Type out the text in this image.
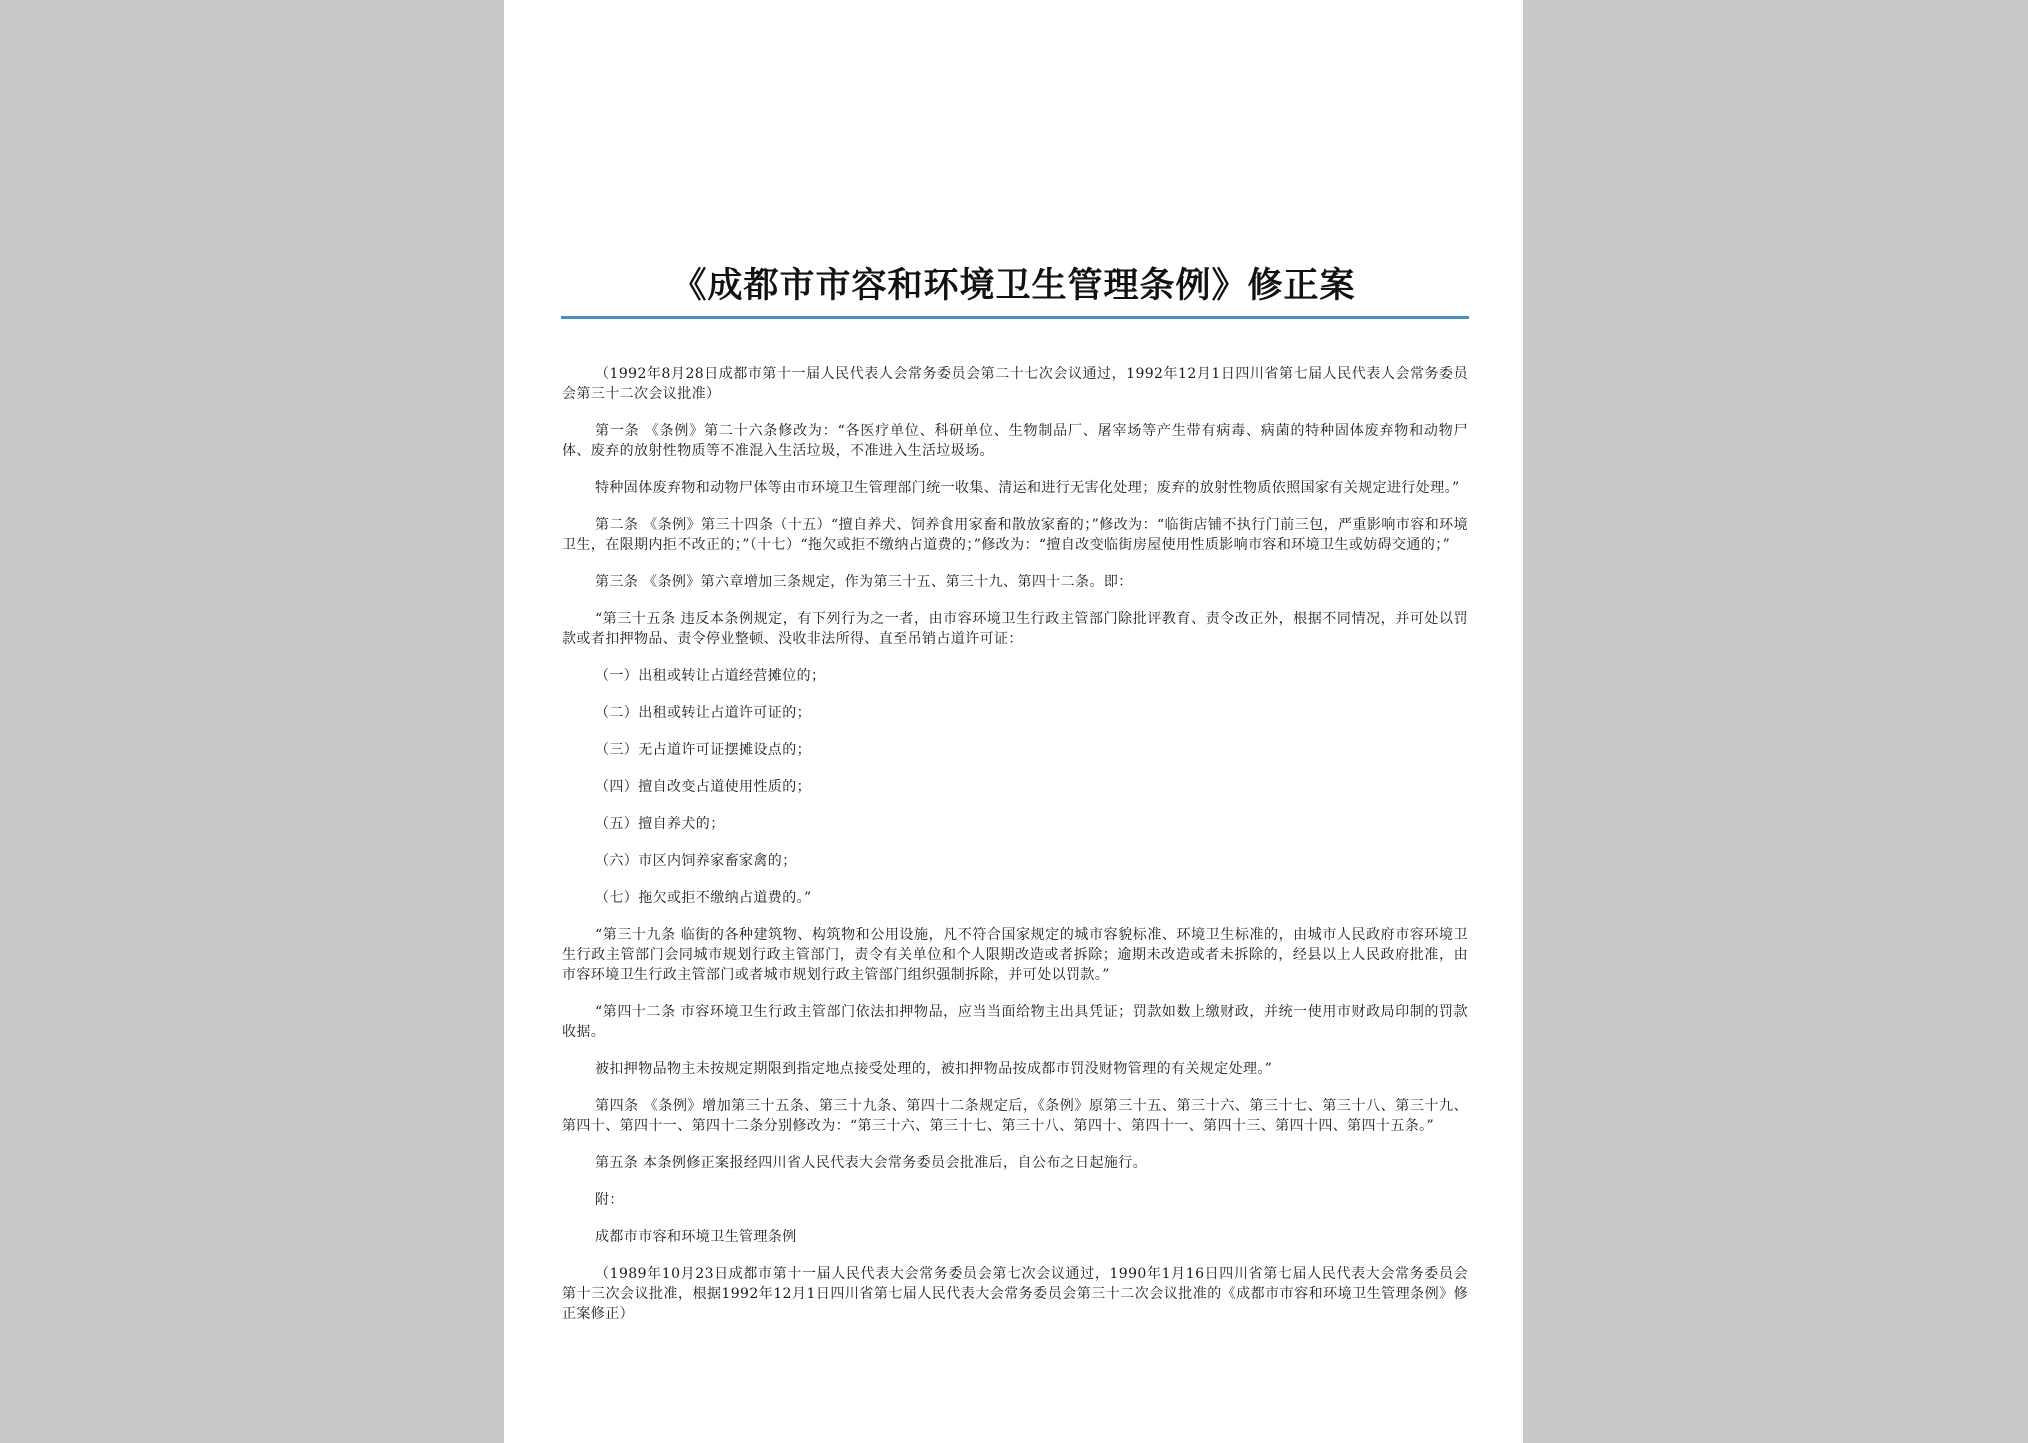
《成都市市容和环境卫生管理条例》修正案

（1992年8月28日成都市第十一届人民代表人会常务委员会第二十七次会议通过，1992年12月1日四川省第七届人民代表人会常务委员会第三十二次会议批准）

第一条 《条例》第二十六条修改为：“各医疗单位、科研单位、生物制品厂、屠宰场等产生带有病毒、病菌的特种固体废弃物和动物尸体、废弃的放射性物质等不准混入生活垃圾，不准进入生活垃圾场。

特种固体废弃物和动物尸体等由市环境卫生管理部门统一收集、清运和进行无害化处理；废弃的放射性物质依照国家有关规定进行处理。”

第二条 《条例》第三十四条（十五）“擅自养犬、饲养食用家畜和散放家畜的；”修改为：“临街店铺不执行门前三包，严重影响市容和环境卫生，在限期内拒不改正的；”（十七）“拖欠或拒不缴纳占道费的；”修改为：“擅自改变临街房屋使用性质影响市容和环境卫生或妨碍交通的；”

第三条 《条例》第六章增加三条规定，作为第三十五、第三十九、第四十二条。即：

“第三十五条 违反本条例规定，有下列行为之一者，由市容环境卫生行政主管部门除批评教育、责令改正外，根据不同情况，并可处以罚款或者扣押物品、责令停业整顿、没收非法所得、直至吊销占道许可证：

（一）出租或转让占道经营摊位的；

（二）出租或转让占道许可证的；

（三）无占道许可证摆摊设点的；

（四）擅自改变占道使用性质的；

（五）擅自养犬的；

（六）市区内饲养家畜家禽的；

（七）拖欠或拒不缴纳占道费的。”

“第三十九条 临街的各种建筑物、构筑物和公用设施，凡不符合国家规定的城市容貌标准、环境卫生标准的，由城市人民政府市容环境卫生行政主管部门会同城市规划行政主管部门，责令有关单位和个人限期改造或者拆除；逾期未改造或者未拆除的，经县以上人民政府批准，由市容环境卫生行政主管部门或者城市规划行政主管部门组织强制拆除，并可处以罚款。”

“第四十二条 市容环境卫生行政主管部门依法扣押物品，应当当面给物主出具凭证；罚款如数上缴财政，并统一使用市财政局印制的罚款收据。

被扣押物品物主未按规定期限到指定地点接受处理的，被扣押物品按成都市罚没财物管理的有关规定处理。”

第四条 《条例》增加第三十五条、第三十九条、第四十二条规定后，《条例》原第三十五、第三十六、第三十七、第三十八、第三十九、第四十、第四十一、第四十二条分别修改为：“第三十六、第三十七、第三十八、第四十、第四十一、第四十三、第四十四、第四十五条。”

第五条 本条例修正案报经四川省人民代表大会常务委员会批准后，自公布之日起施行。

附：

成都市市容和环境卫生管理条例

（1989年10月23日成都市第十一届人民代表大会常务委员会第七次会议通过，1990年1月16日四川省第七届人民代表大会常务委员会第十三次会议批准，根据1992年12月1日四川省第七届人民代表大会常务委员会第三十二次会议批准的《成都市市容和环境卫生管理条例》修正案修正）
